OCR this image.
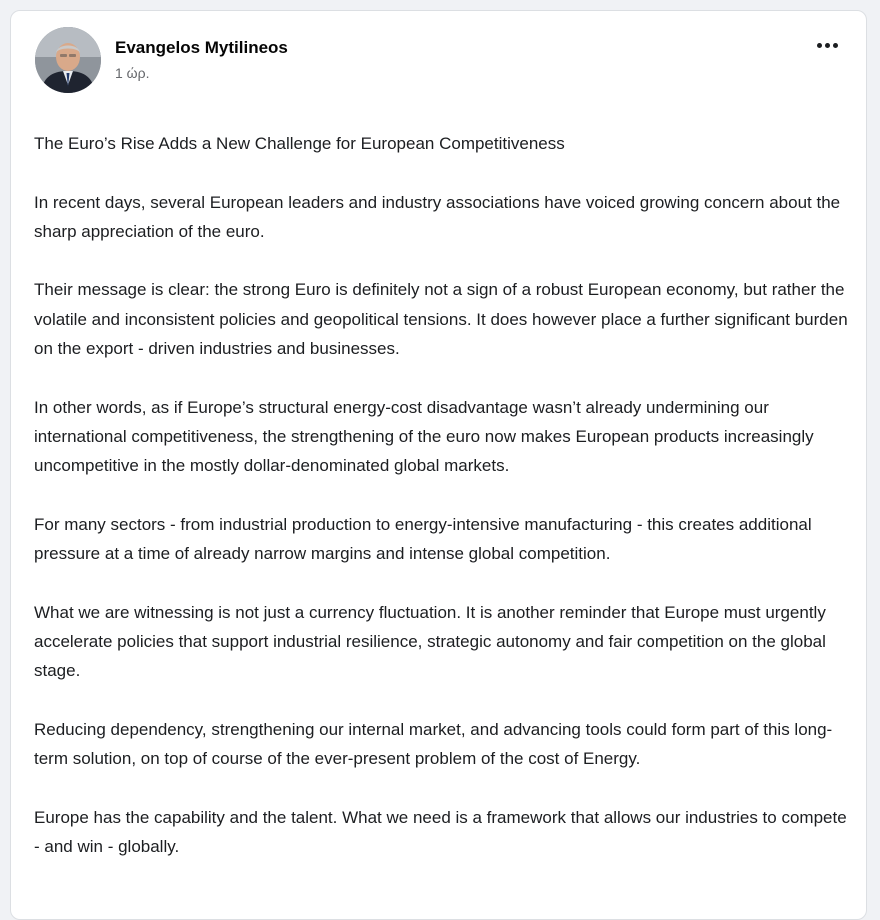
Evangelos Mytilineos
1 ώρ.

The Euro’s Rise Adds a New Challenge for European Competitiveness

In recent days, several European leaders and industry associations have voiced growing concern about the sharp appreciation of the euro.

Their message is clear: the strong Euro is definitely not a sign of a robust European economy, but rather the volatile and inconsistent policies and geopolitical tensions. It does however place a further significant burden on the export - driven industries and businesses.

In other words, as if Europe’s structural energy-cost disadvantage wasn’t already undermining our international competitiveness, the strengthening of the euro now makes European products increasingly uncompetitive in the mostly dollar-denominated global markets.

For many sectors - from industrial production to energy-intensive manufacturing - this creates additional pressure at a time of already narrow margins and intense global competition.

What we are witnessing is not just a currency fluctuation. It is another reminder that Europe must urgently accelerate policies that support industrial resilience, strategic autonomy and fair competition on the global stage.

Reducing dependency, strengthening our internal market, and advancing tools could form part of this long-term solution, on top of course of the ever-present problem of the cost of Energy.

Europe has the capability and the talent. What we need is a framework that allows our industries to compete - and win - globally.
